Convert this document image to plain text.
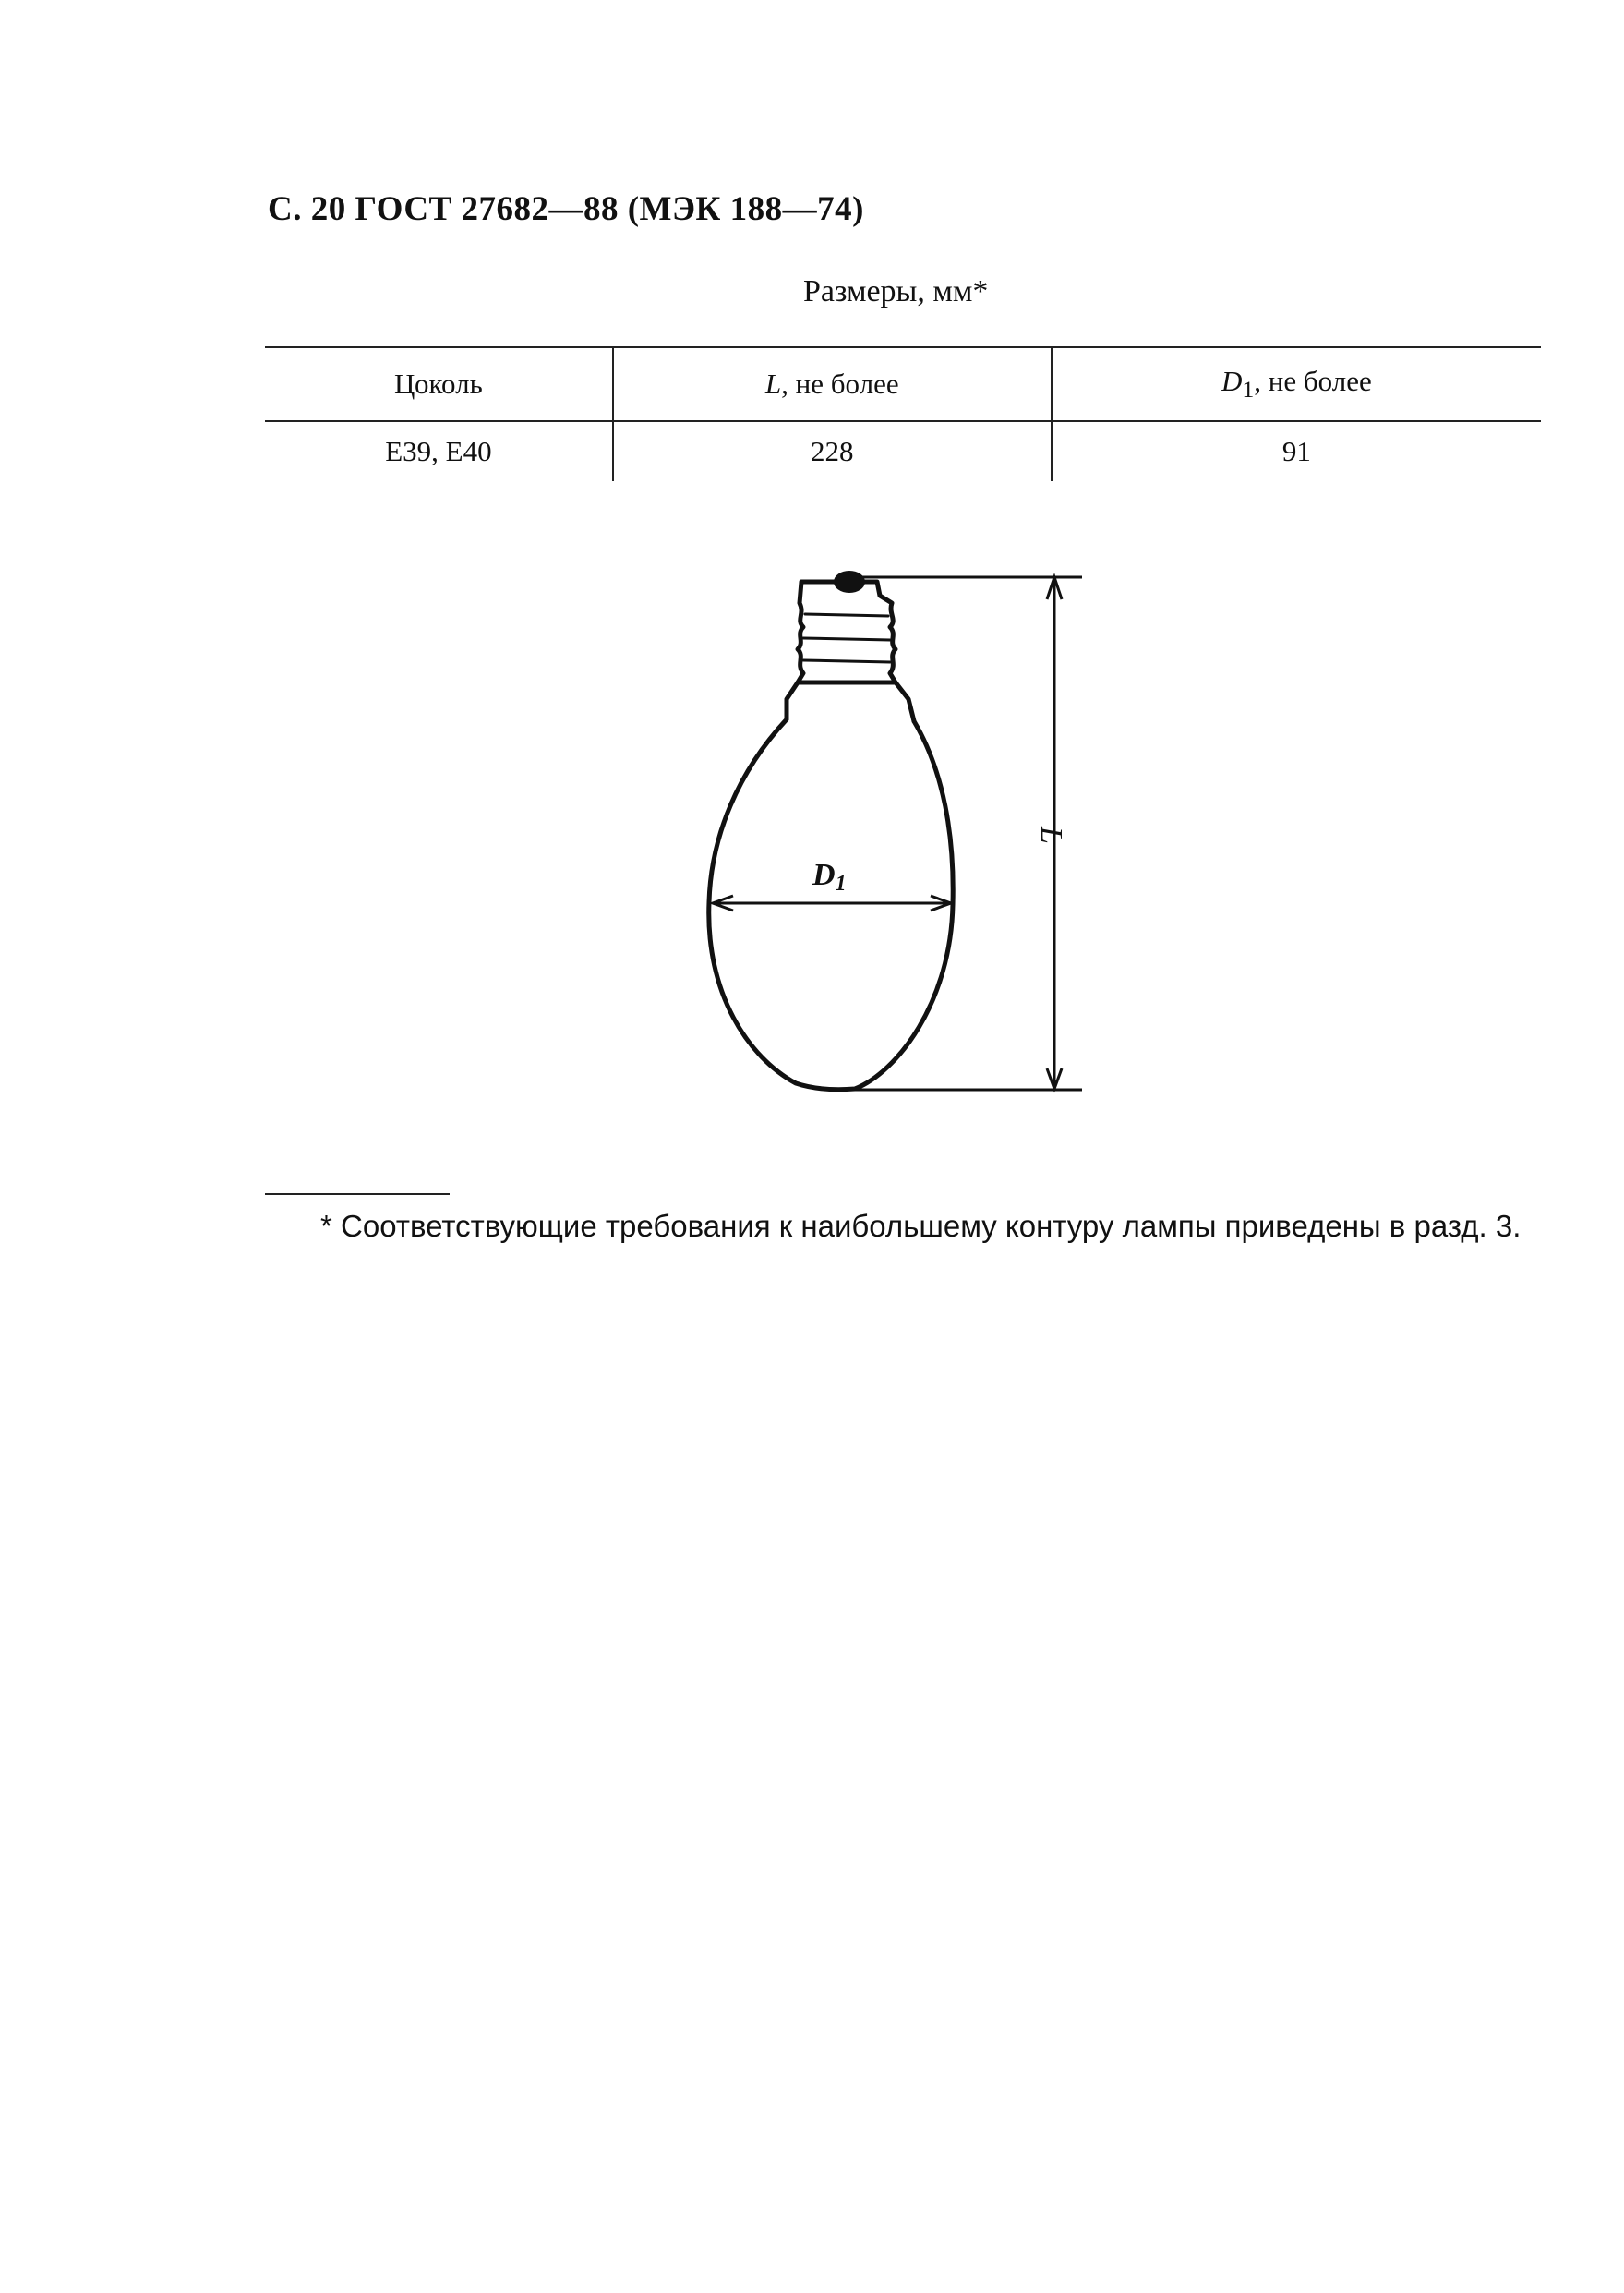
С. 20 ГОСТ 27682—88 (МЭК 188—74)
Размеры, мм*
Цоколь	L, не более	$D_1$, не более
E39, E40	228	91
L
D1
* Соответствующие требования к наибольшему контуру лампы приведены в разд. 3.
